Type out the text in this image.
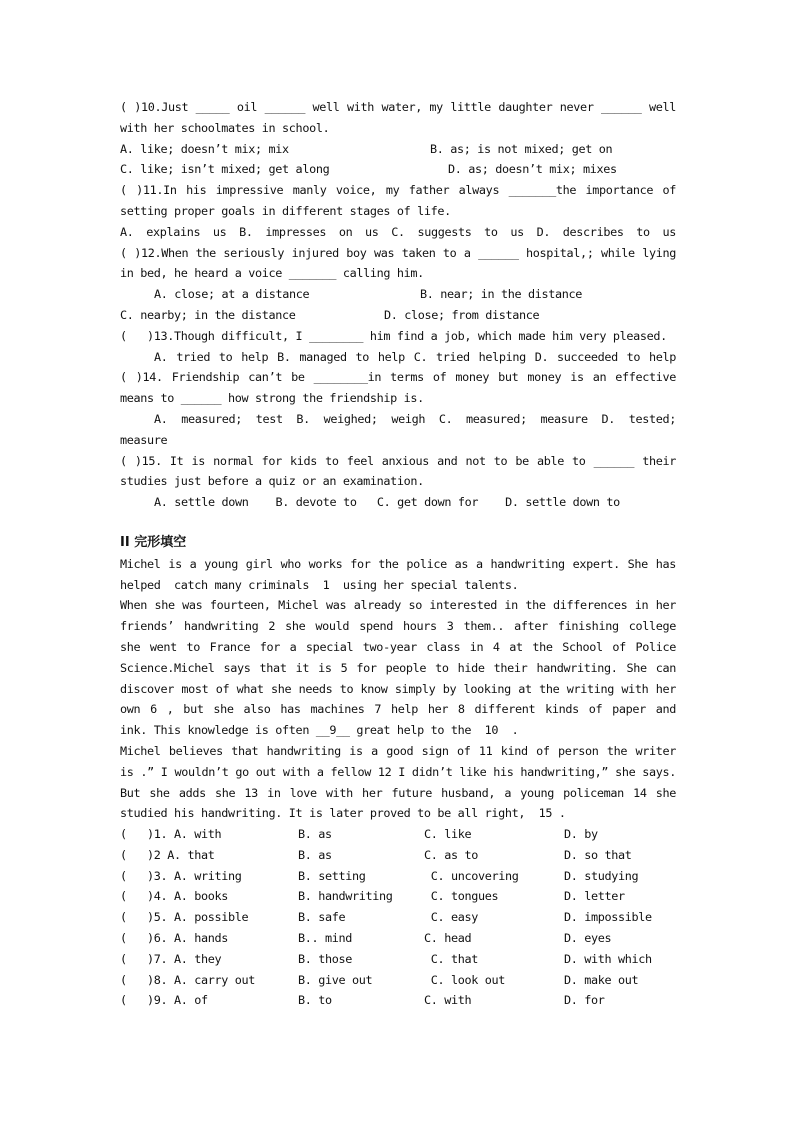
( )10.Just _____ oil ______ well with water, my little daughter never ______ well
with her schoolmates in school.
A. like; doesn’t mix; mix	B. as; is not mixed; get on
C. like; isn’t mixed; get along	D. as; doesn’t mix; mixes
( )11.In his impressive manly voice, my father always _______the importance of
setting proper goals in different stages of life.
A. explains us B. impresses on us C. suggests to us D. describes to us
( )12.When the seriously injured boy was taken to a ______ hospital,; while lying
in bed, he heard a voice _______ calling him.
A. close; at a distance	B. near; in the distance
C. nearby; in the distance	D. close; from distance
(   )13.Though difficult, I ________ him find a job, which made him very pleased.
A. tried to help B. managed to help C. tried helping D. succeeded to help
( )14. Friendship can’t be ________in terms of money but money is an effective
means to ______ how strong the friendship is.
A. measured; test B. weighed; weigh C. measured; measure D. tested;
measure
( )15. It is normal for kids to feel anxious and not to be able to ______ their
studies just before a quiz or an examination.
A. settle down    B. devote to   C. get down for    D. settle down to
II 完形填空
Michel is a young girl who works for the police as a handwriting expert. She has
helped  catch many criminals  1  using her special talents.
When she was fourteen, Michel was already so interested in the differences in her
friends’ handwriting 2 she would spend hours 3 them.. after finishing college
she went to France for a special two-year class in 4 at the School of Police
Science.Michel says that it is 5 for people to hide their handwriting. She can
discover most of what she needs to know simply by looking at the writing with her
own 6 , but she also has machines 7 help her 8 different kinds of paper and
ink. This knowledge is often __9__ great help to the  10  .
Michel believes that handwriting is a good sign of 11 kind of person the writer
is .” I wouldn’t go out with a fellow 12 I didn’t like his handwriting,” she says.
But she adds she 13 in love with her future husband, a young policeman 14 she
studied his handwriting. It is later proved to be all right,  15 .
(   )1. A. with	B. as	C. like	D. by
(   )2 A. that	B. as	C. as to	D. so that
(   )3. A. writing	B. setting	C. uncovering	D. studying
(   )4. A. books	B. handwriting	C. tongues	D. letter
(   )5. A. possible	B. safe	C. easy	D. impossible
(   )6. A. hands	B.. mind	C. head	D. eyes
(   )7. A. they	B. those	C. that	D. with which
(   )8. A. carry out	B. give out	C. look out	D. make out
(   )9. A. of	B. to	C. with	D. for
